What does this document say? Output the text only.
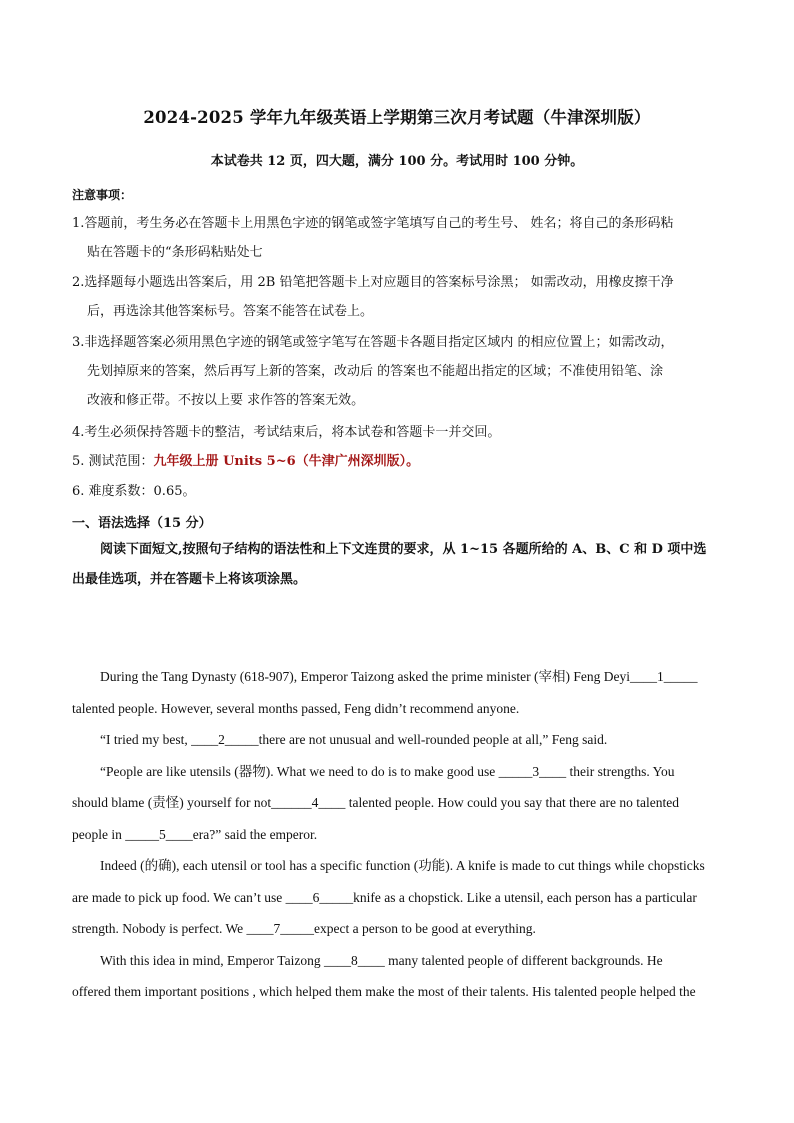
2024-2025 学年九年级英语上学期第三次月考试题（牛津深圳版）
本试卷共 12 页，四大题，满分 100 分。考试用时 100 分钟。
注意事项：
1.答题前，考生务必在答题卡上用黑色字迹的钢笔或签字笔填写自己的考生号、 姓名；将自己的条形码粘
贴在答题卡的“条形码粘贴处七
2.选择题每小题选出答案后，用 2B 铅笔把答题卡上对应题目的答案标号涂黑； 如需改动，用橡皮擦干净
后，再选涂其他答案标号。答案不能答在试卷上。
3.非选择题答案必须用黑色字迹的钢笔或签字笔写在答题卡各题目指定区域内 的相应位置上；如需改动，
先划掉原来的答案，然后再写上新的答案，改动后 的答案也不能超出指定的区域；不准使用铅笔、涂
改液和修正带。不按以上要 求作答的答案无效。
4.考生必须保持答题卡的整洁，考试结束后，将本试卷和答题卡一并交回。
5. 测试范围：九年级上册 Units 5~6（牛津广州深圳版）。
6. 难度系数：0.65。
一、语法选择（15 分）
阅读下面短文,按照句子结构的语法性和上下文连贯的要求，从 1~15 各题所给的 A、B、C 和 D 项中选
出最佳选项，并在答题卡上将该项涂黑。
During the Tang Dynasty (618-907), Emperor Taizong asked the prime minister (宰相) Feng Deyi____1_____
talented people. However, several months passed, Feng didn’t recommend anyone.
“I tried my best, ____2_____there are not unusual and well-rounded people at all,” Feng said.
“People are like utensils (器物). What we need to do is to make good use _____3____ their strengths. You
should blame (责怪) yourself for not______4____ talented people. How could you say that there are no talented
people in _____5____era?” said the emperor.
Indeed (的确), each utensil or tool has a specific function (功能). A knife is made to cut things while chopsticks
are made to pick up food. We can’t use ____6_____knife as a chopstick. Like a utensil, each person has a particular
strength. Nobody is perfect. We ____7_____expect a person to be good at everything.
With this idea in mind, Emperor Taizong ____8____ many talented people of different backgrounds. He
offered them important positions , which helped them make the most of their talents. His talented people helped the
